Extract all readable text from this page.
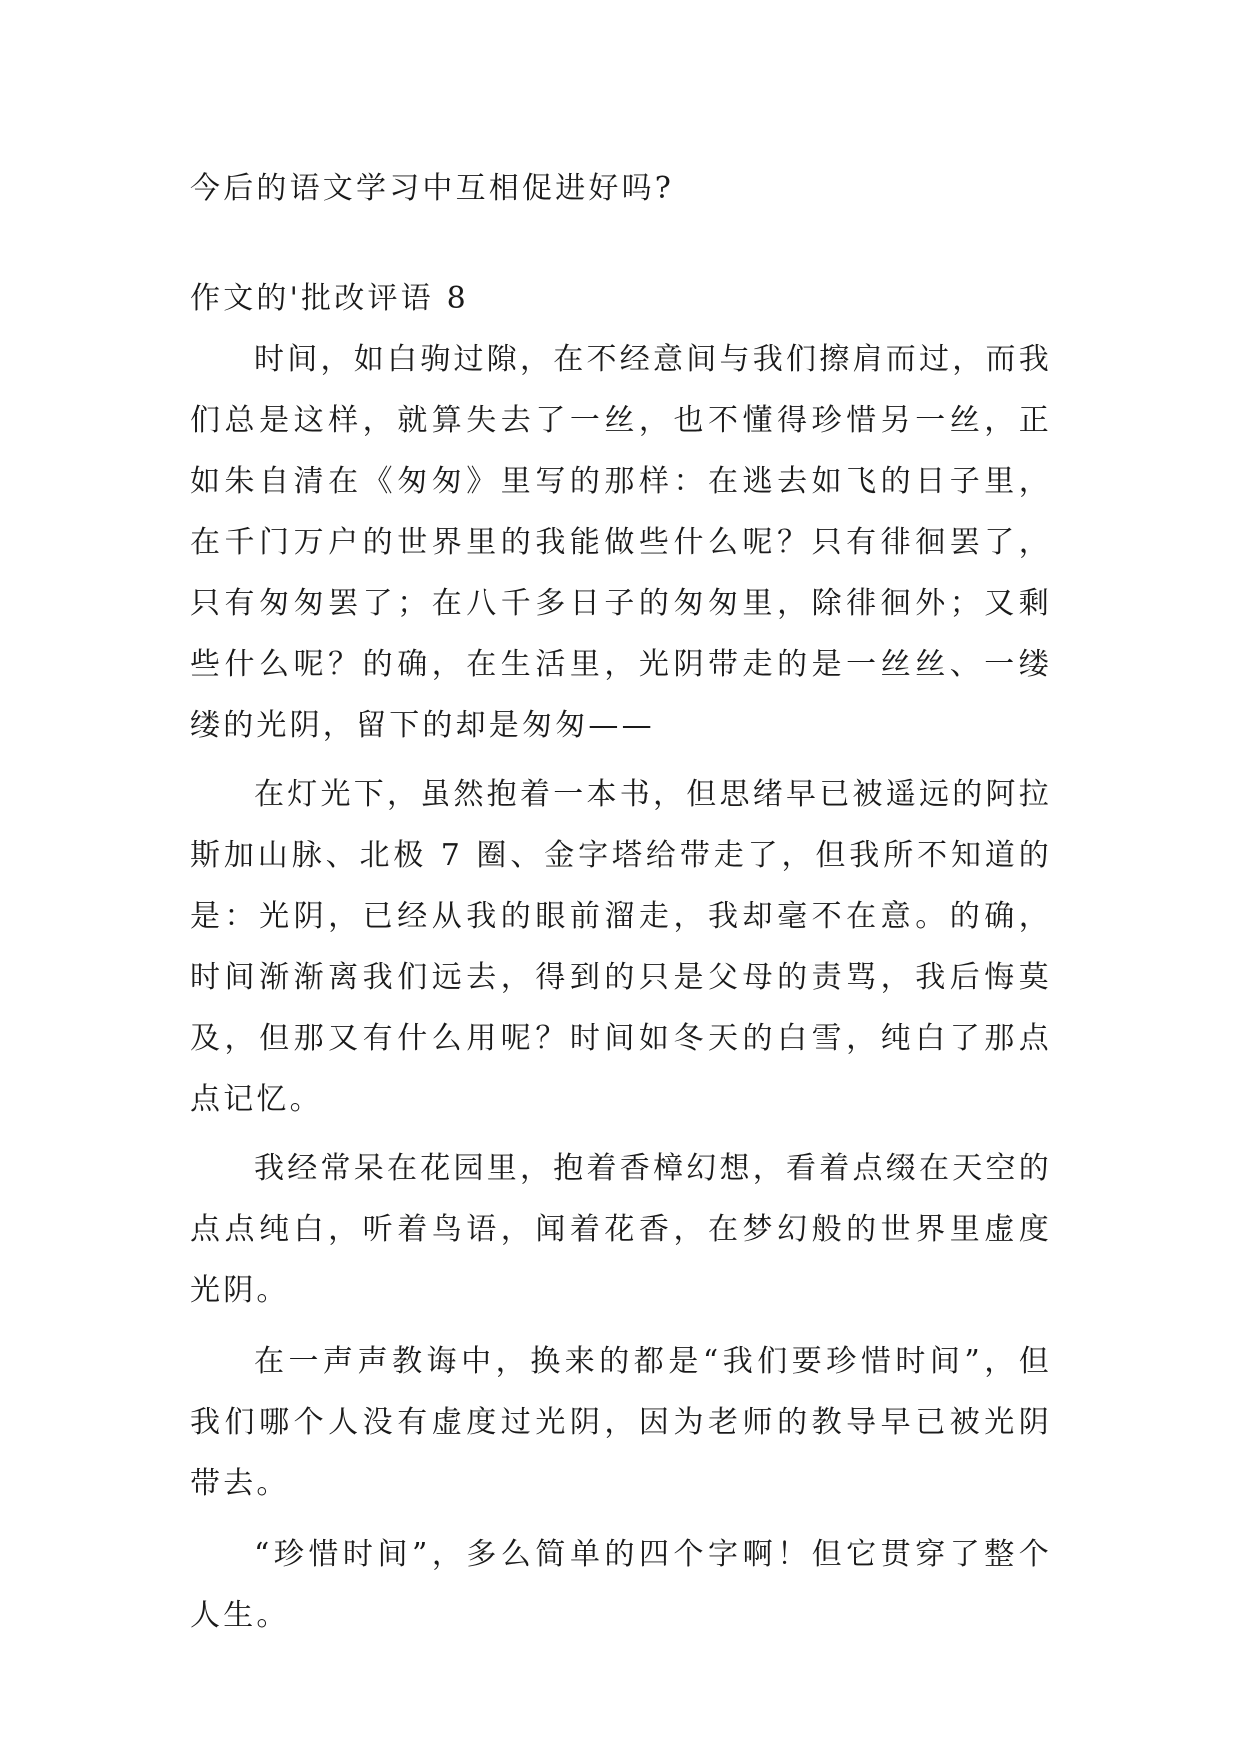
今后的语文学习中互相促进好吗?
作文的'批改评语 8
时间，如白驹过隙，在不经意间与我们擦肩而过，而我们总是这样，就算失去了一丝，也不懂得珍惜另一丝，正如朱自清在《匆匆》里写的那样：在逃去如飞的日子里，在千门万户的世界里的我能做些什么呢？只有徘徊罢了，只有匆匆罢了；在八千多日子的匆匆里，除徘徊外；又剩些什么呢？的确，在生活里，光阴带走的是一丝丝、一缕缕的光阴，留下的却是匆匆——
在灯光下，虽然抱着一本书，但思绪早已被遥远的阿拉斯加山脉、北极 7 圈、金字塔给带走了，但我所不知道的是：光阴，已经从我的眼前溜走，我却毫不在意。的确，时间渐渐离我们远去，得到的只是父母的责骂，我后悔莫及，但那又有什么用呢？时间如冬天的白雪，纯白了那点点记忆。
我经常呆在花园里，抱着香樟幻想，看着点缀在天空的点点纯白，听着鸟语，闻着花香，在梦幻般的世界里虚度光阴。
在一声声教诲中，换来的都是“我们要珍惜时间”，但我们哪个人没有虚度过光阴，因为老师的教导早已被光阴带去。
“珍惜时间”，多么简单的四个字啊！但它贯穿了整个人生。
